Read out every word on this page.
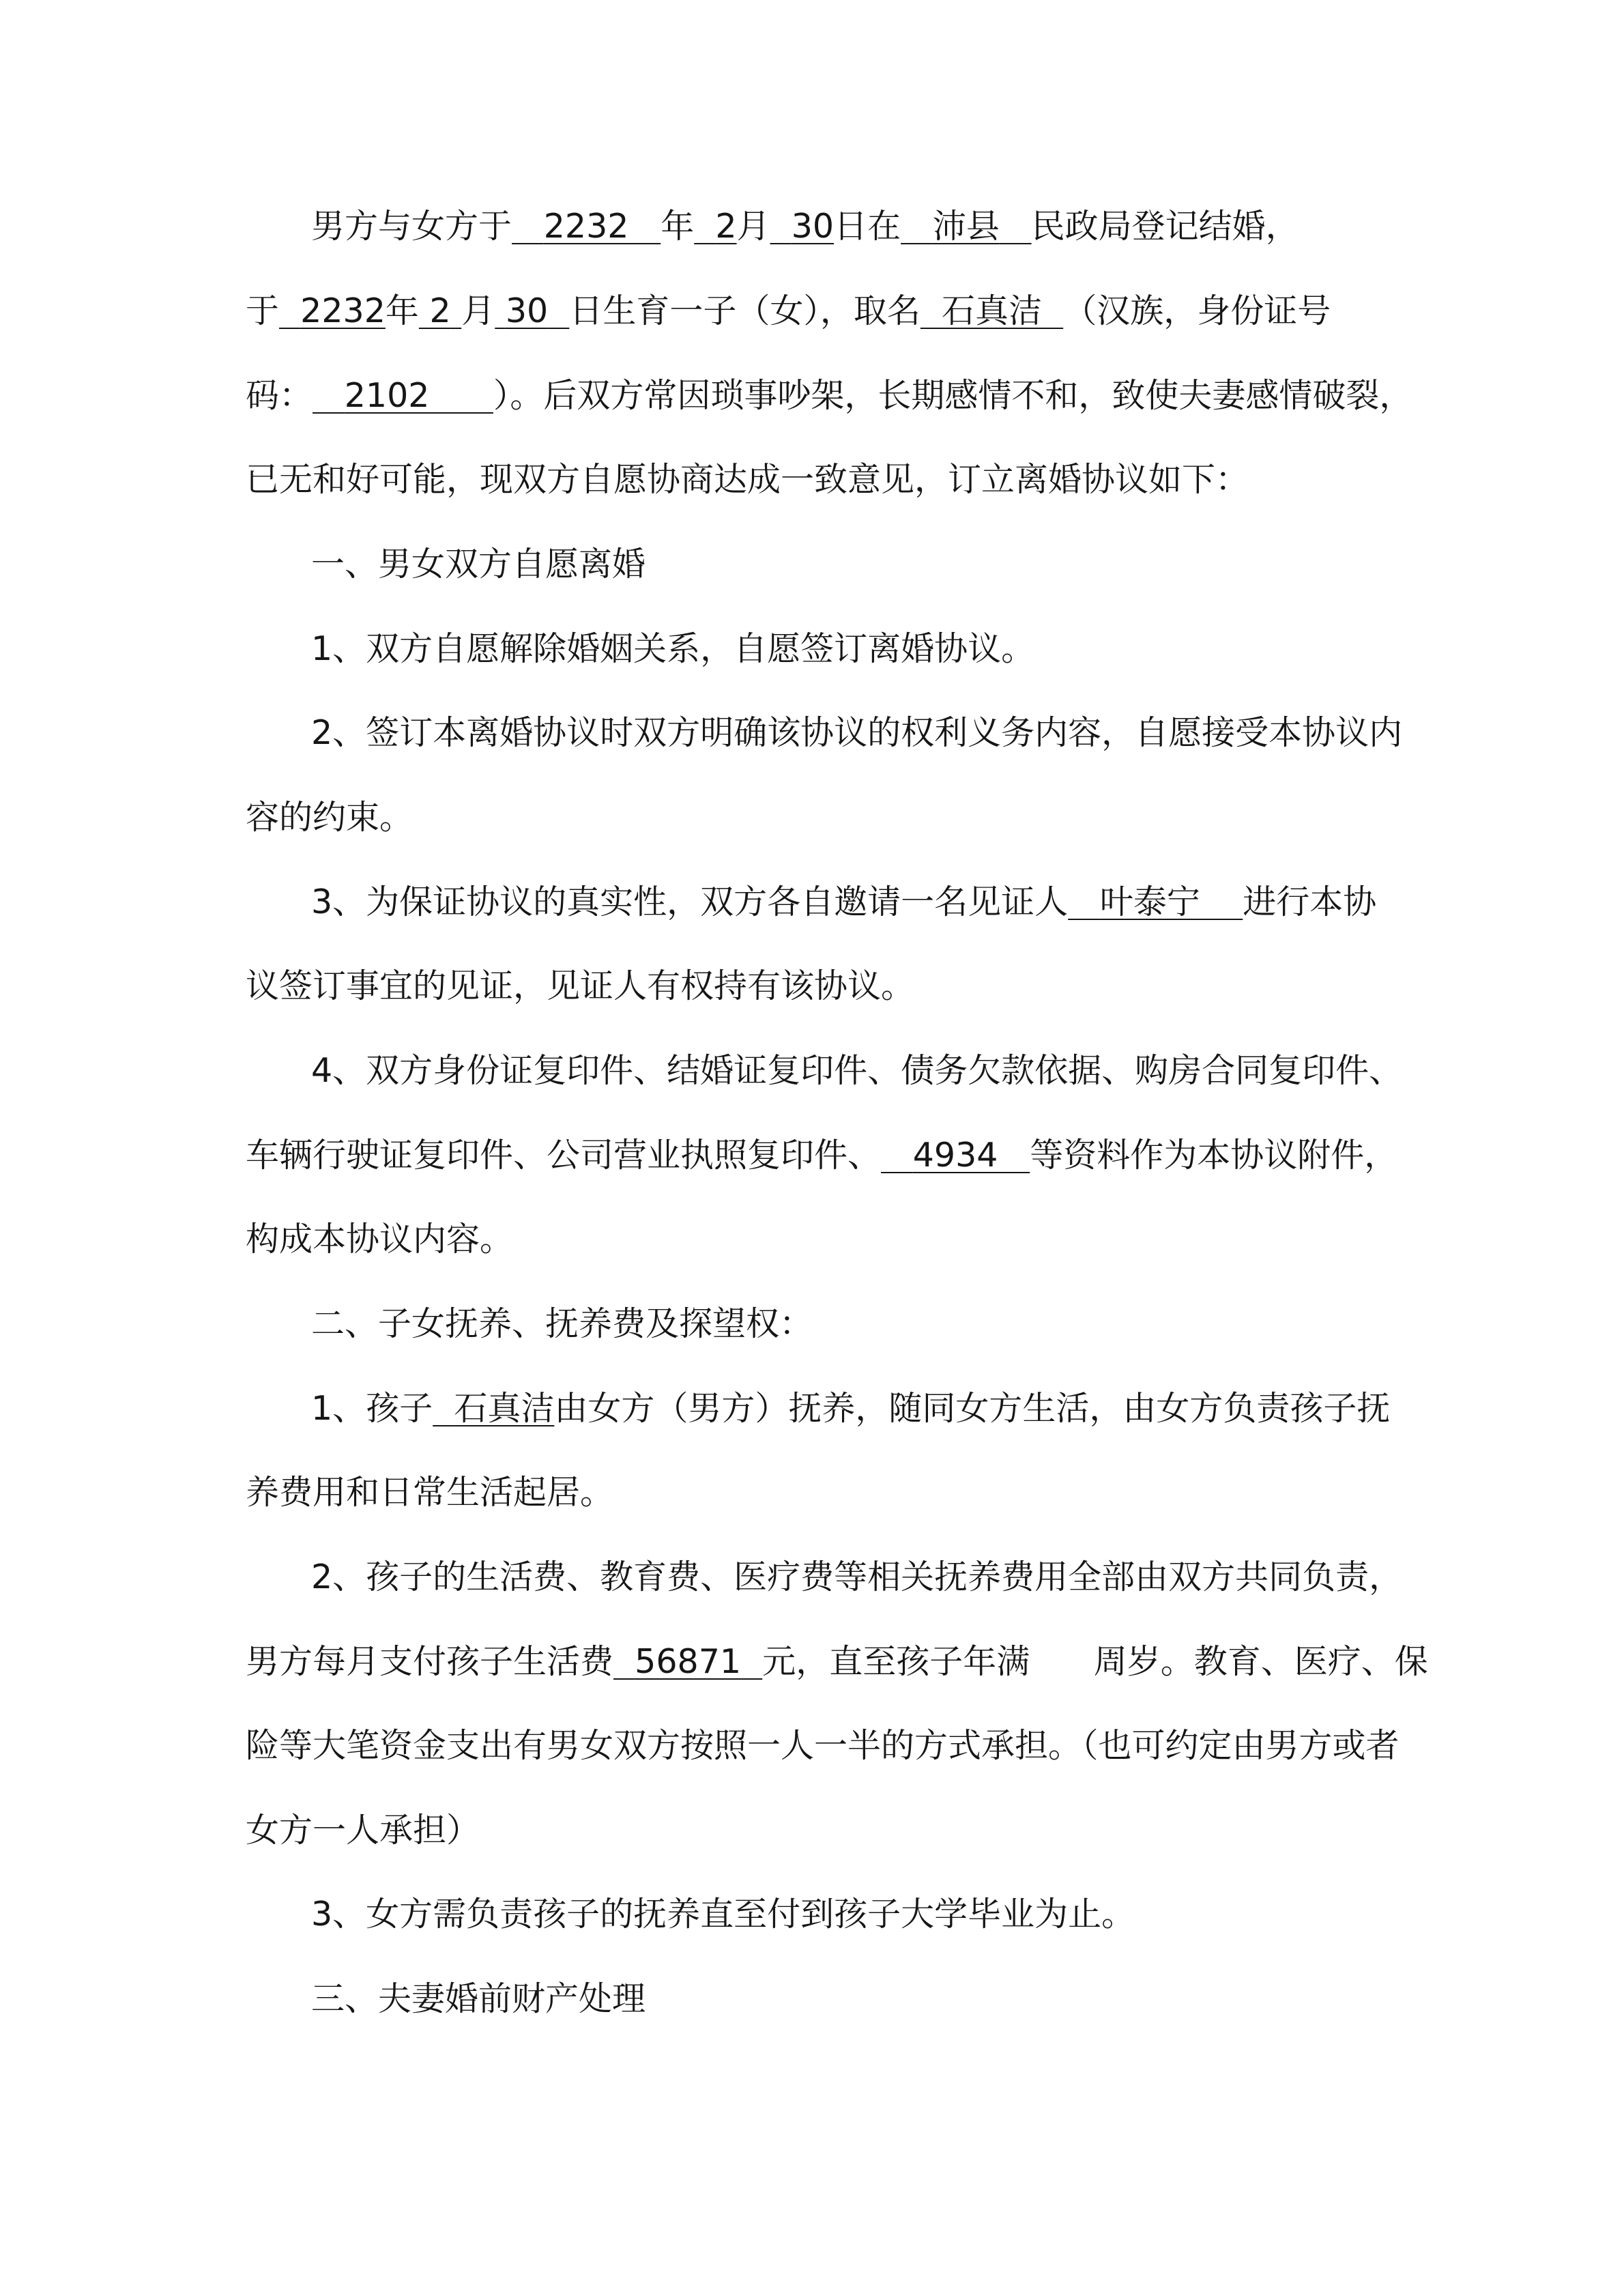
男方与女方于 2232 年 2月 30日在 沛县 民政局登记结婚，
于 2232年 2 月 30 日生育一子（女），取名 石真洁 （汉族，身份证号
码： 2102 ）。后双方常因琐事吵架，长期感情不和，致使夫妻感情破裂，
已无和好可能，现双方自愿协商达成一致意见，订立离婚协议如下：
一、男女双方自愿离婚
1、双方自愿解除婚姻关系，自愿签订离婚协议。
2、签订本离婚协议时双方明确该协议的权利义务内容，自愿接受本协议内
容的约束。
3、为保证协议的真实性，双方各自邀请一名见证人 叶泰宁 进行本协
议签订事宜的见证，见证人有权持有该协议。
4、双方身份证复印件、结婚证复印件、债务欠款依据、购房合同复印件、
车辆行驶证复印件、公司营业执照复印件、 4934 等资料作为本协议附件，
构成本协议内容。
二、子女抚养、抚养费及探望权：
1、孩子 石真洁由女方（男方）抚养，随同女方生活，由女方负责孩子抚
养费用和日常生活起居。
2、孩子的生活费、教育费、医疗费等相关抚养费用全部由双方共同负责，
男方每月支付孩子生活费 56871 元，直至孩子年满 周岁。教育、医疗、保
险等大笔资金支出有男女双方按照一人一半的方式承担。（也可约定由男方或者
女方一人承担）
3、女方需负责孩子的抚养直至付到孩子大学毕业为止。
三、夫妻婚前财产处理
